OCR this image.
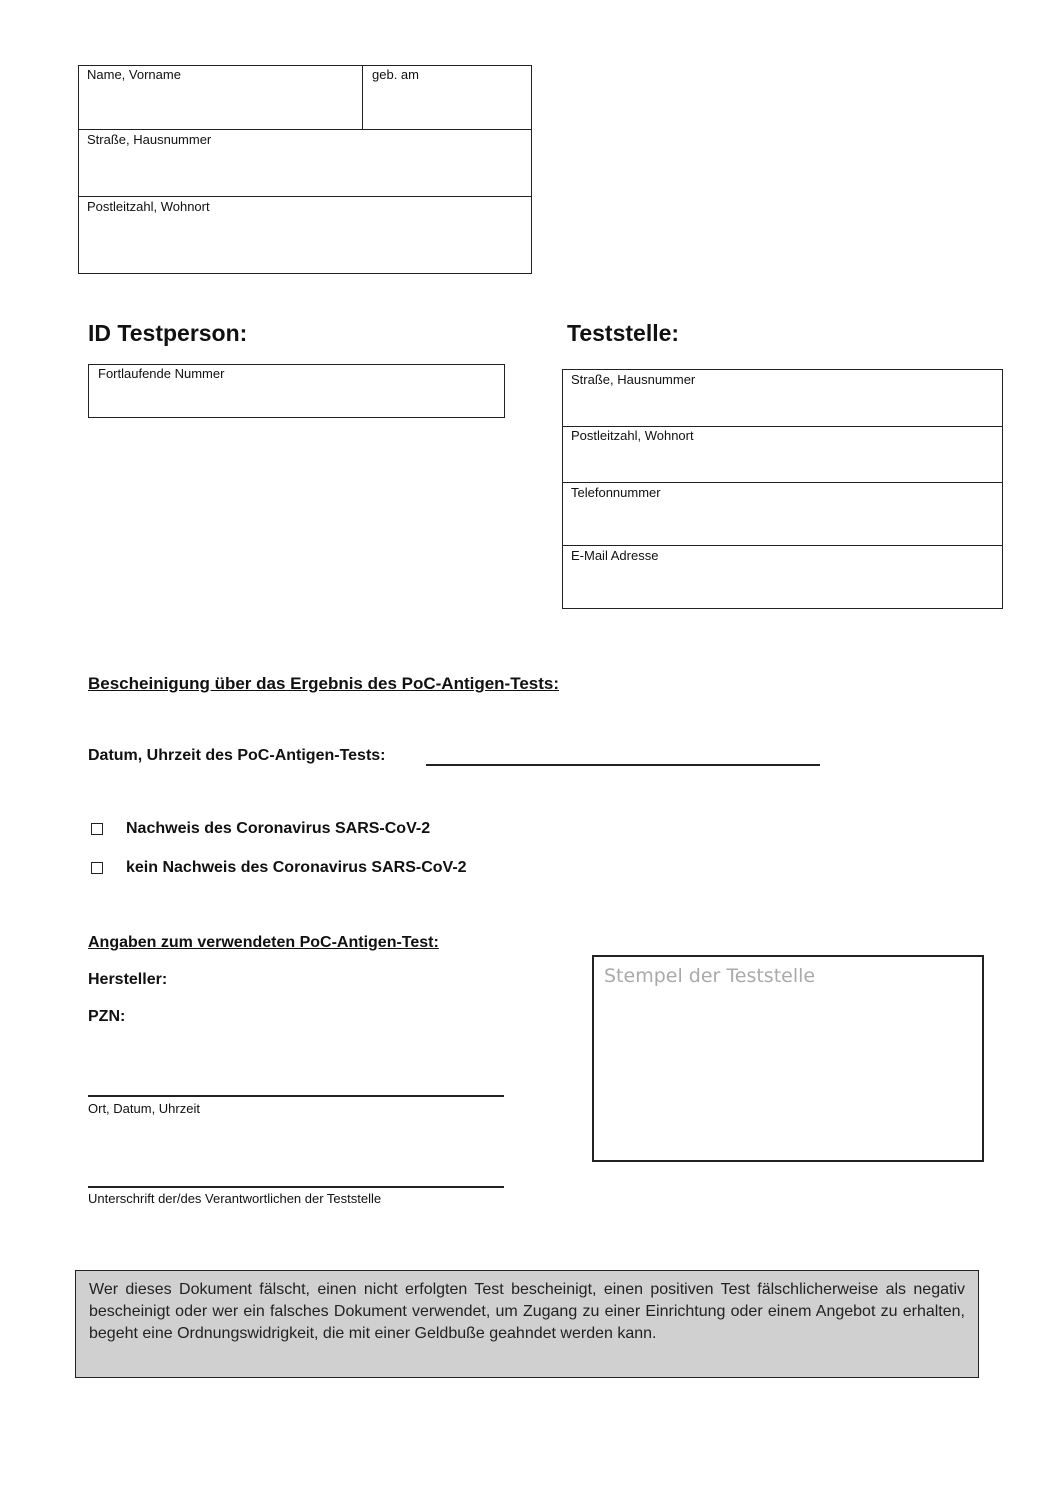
Name, Vorname	geb. am
Straße, Hausnummer
Postleitzahl, Wohnort
ID Testperson:
Fortlaufende Nummer
Teststelle:
Straße, Hausnummer
Postleitzahl, Wohnort
Telefonnummer
E-Mail Adresse
Bescheinigung über das Ergebnis des PoC-Antigen-Tests:
Datum, Uhrzeit des PoC-Antigen-Tests:
Nachweis des Coronavirus SARS-CoV-2
kein Nachweis des Coronavirus SARS-CoV-2
Angaben zum verwendeten PoC-Antigen-Test:
Hersteller:
PZN:
Ort, Datum, Uhrzeit
Unterschrift der/des Verantwortlichen der Teststelle
Stempel der Teststelle
Wer dieses Dokument fälscht, einen nicht erfolgten Test bescheinigt, einen positiven Test fälschlicherweise als negativ bescheinigt oder wer ein falsches Dokument verwendet, um Zugang zu einer Einrichtung oder einem Angebot zu erhalten, begeht eine Ordnungswidrigkeit, die mit einer Geldbuße geahndet werden kann.
